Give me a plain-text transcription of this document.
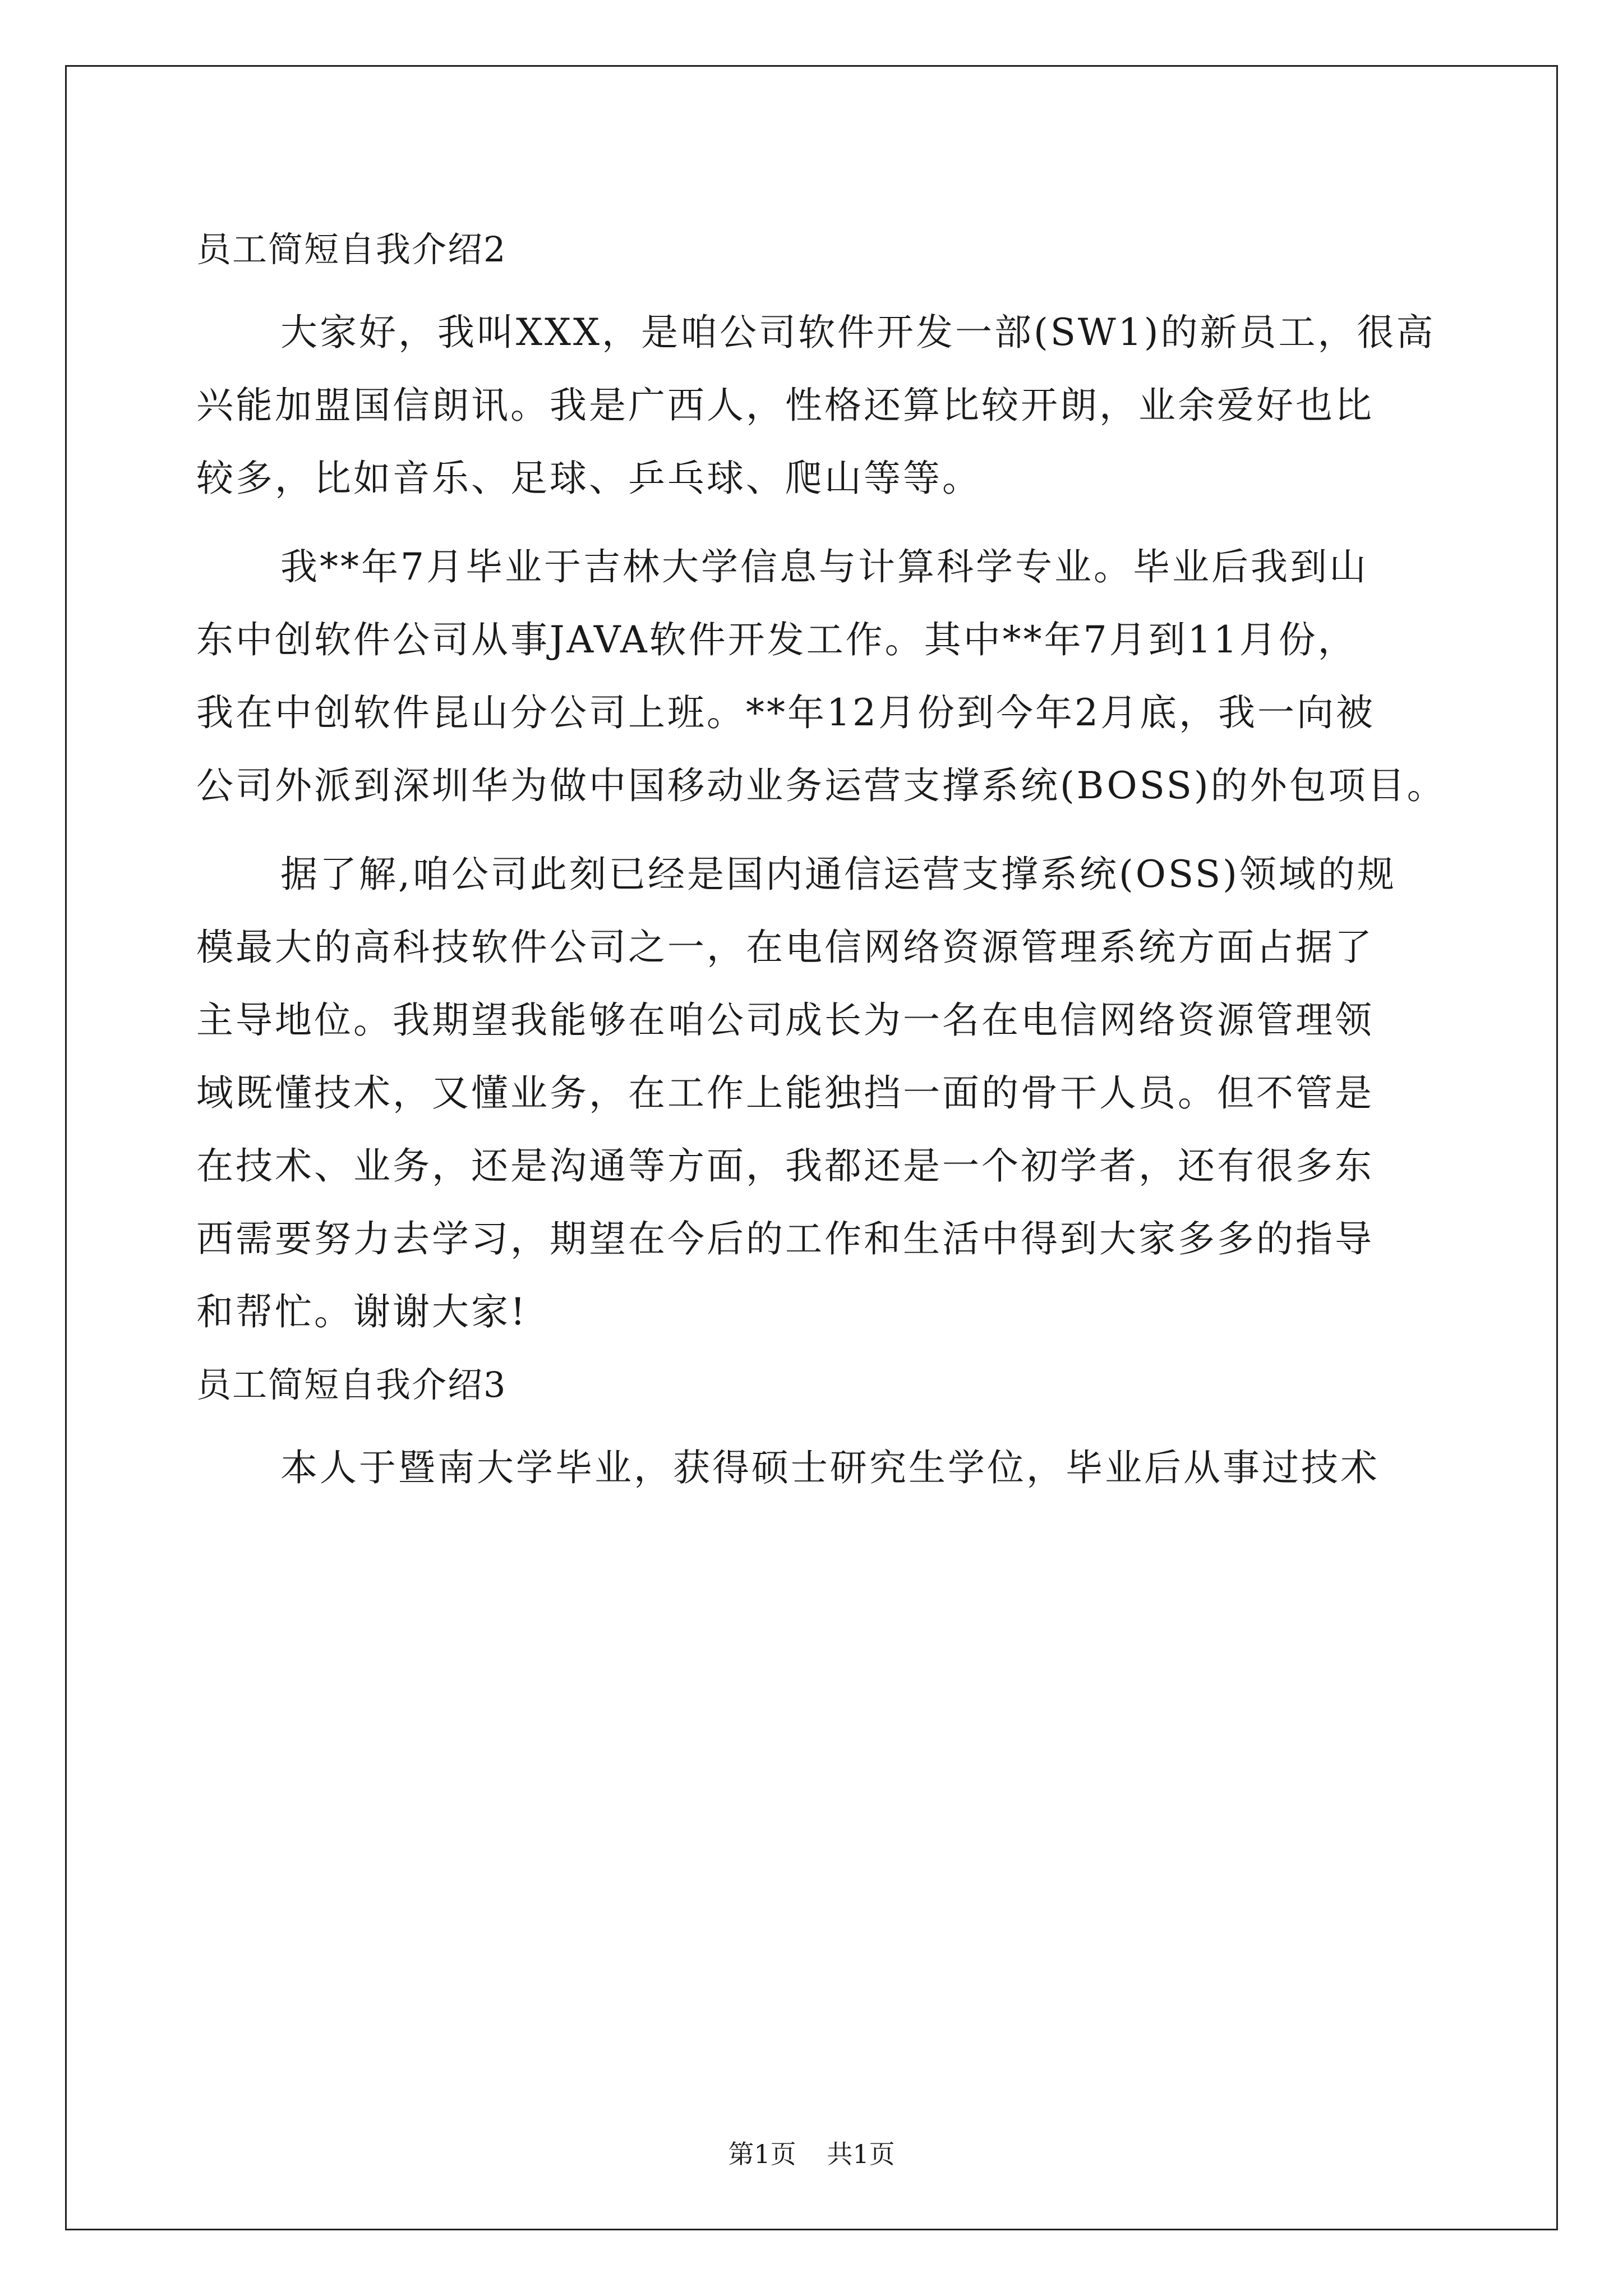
员工简短自我介绍2
大家好，我叫XXX，是咱公司软件开发一部(SW1)的新员工，很高
兴能加盟国信朗讯。我是广西人，性格还算比较开朗，业余爱好也比
较多，比如音乐、足球、乒乓球、爬山等等。
我**年7月毕业于吉林大学信息与计算科学专业。毕业后我到山
东中创软件公司从事JAVA软件开发工作。其中**年7月到11月份，
我在中创软件昆山分公司上班。**年12月份到今年2月底，我一向被
公司外派到深圳华为做中国移动业务运营支撑系统(BOSS)的外包项目。
据了解,咱公司此刻已经是国内通信运营支撑系统(OSS)领域的规
模最大的高科技软件公司之一，在电信网络资源管理系统方面占据了
主导地位。我期望我能够在咱公司成长为一名在电信网络资源管理领
域既懂技术，又懂业务，在工作上能独挡一面的骨干人员。但不管是
在技术、业务，还是沟通等方面，我都还是一个初学者，还有很多东
西需要努力去学习，期望在今后的工作和生活中得到大家多多的指导
和帮忙。谢谢大家!
员工简短自我介绍3
本人于暨南大学毕业，获得硕士研究生学位，毕业后从事过技术
第1页 共1页
